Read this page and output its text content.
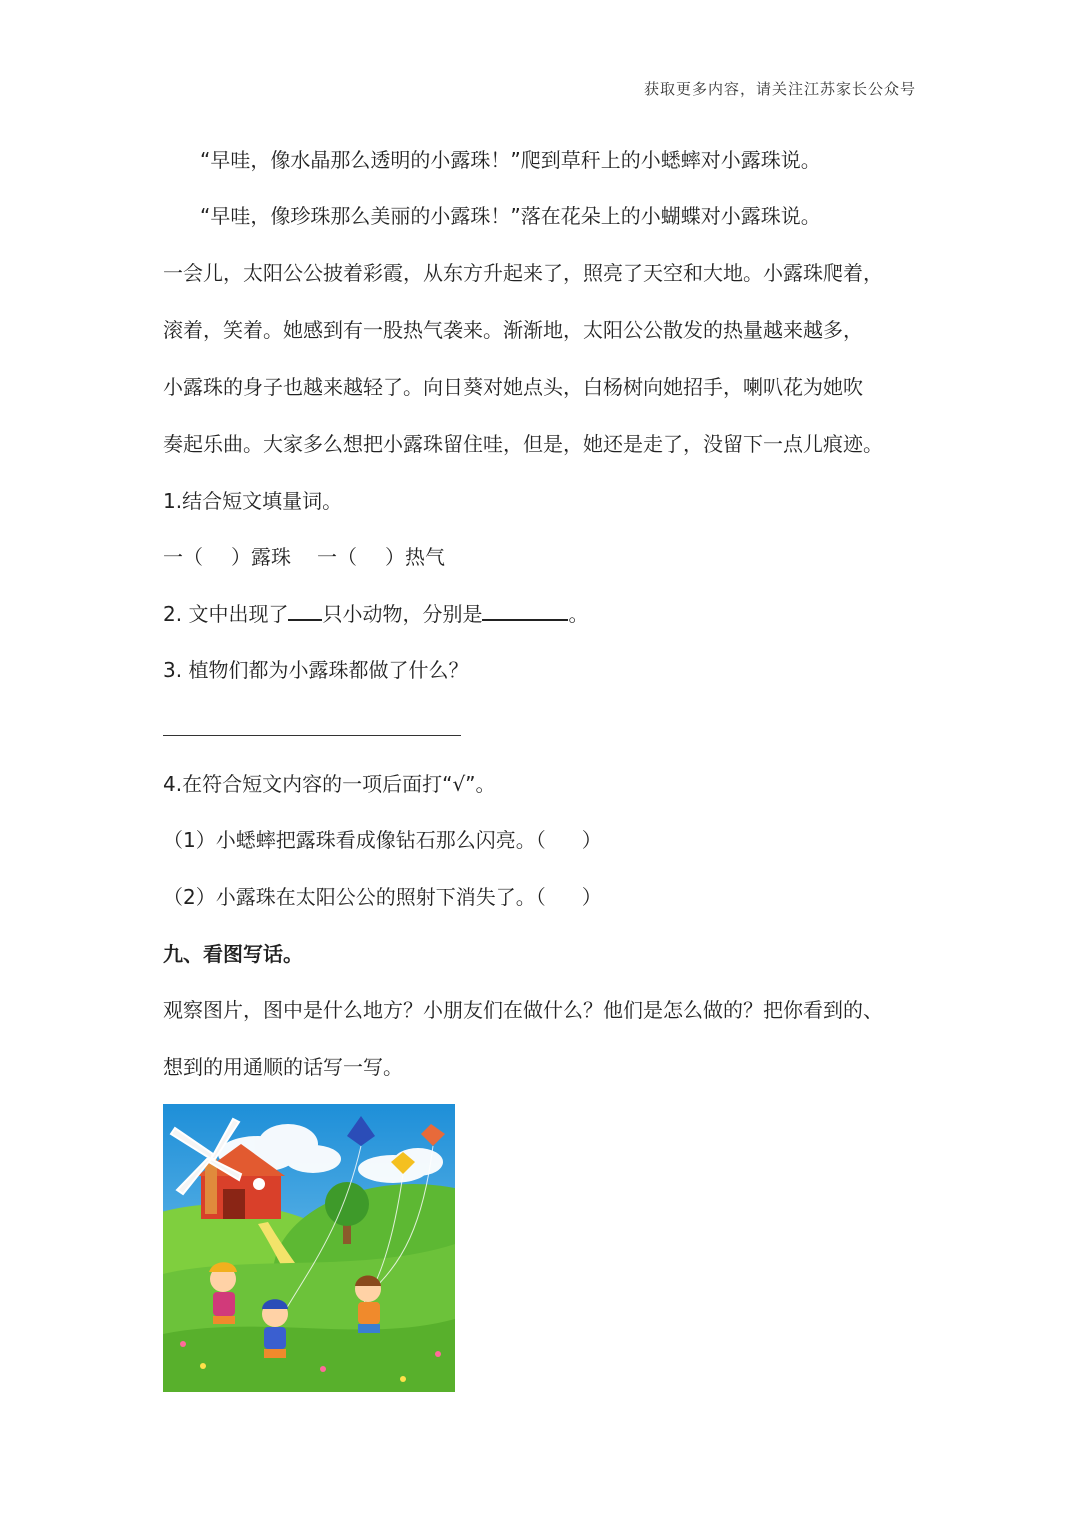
获取更多内容，请关注江苏家长公众号
“早哇，像水晶那么透明的小露珠！”爬到草秆上的小蟋蟀对小露珠说。
“早哇，像珍珠那么美丽的小露珠！”落在花朵上的小蝴蝶对小露珠说。
一会儿，太阳公公披着彩霞，从东方升起来了，照亮了天空和大地。小露珠爬着，
滚着，笑着。她感到有一股热气袭来。渐渐地，太阳公公散发的热量越来越多，
小露珠的身子也越来越轻了。向日葵对她点头，白杨树向她招手，喇叭花为她吹
奏起乐曲。大家多么想把小露珠留住哇，但是，她还是走了，没留下一点儿痕迹。
1.结合短文填量词。
一（ ）露珠 一（ ）热气
2. 文中出现了 只小动物，分别是	。
3. 植物们都为小露珠都做了什么？
4.在符合短文内容的一项后面打“√”。
（1）小蟋蟀把露珠看成像钻石那么闪亮。（ ）
（2）小露珠在太阳公公的照射下消失了。（ ）
九、看图写话。
观察图片，图中是什么地方？小朋友们在做什么？他们是怎么做的？把你看到的、
想到的用通顺的话写一写。
